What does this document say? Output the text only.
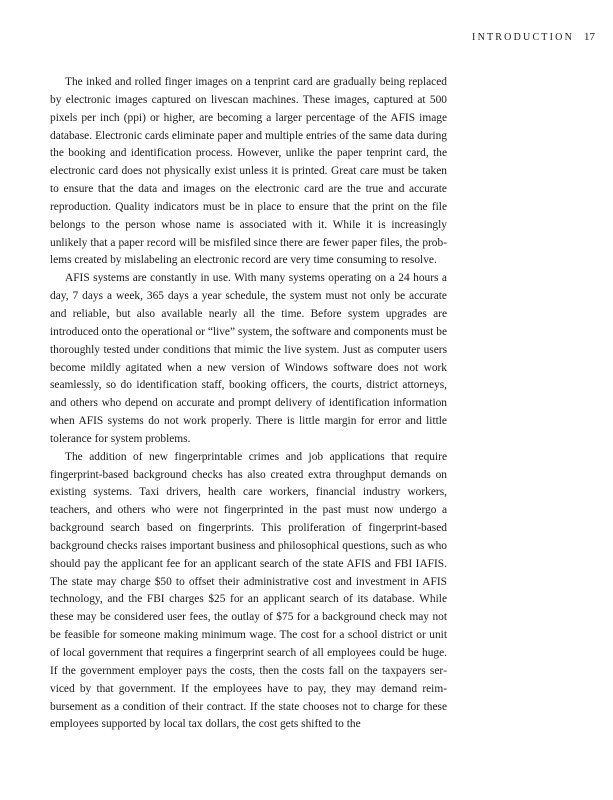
INTRODUCTION 17

The inked and rolled finger images on a tenprint card are gradually being replaced by electronic images captured on livescan machines. These images, captured at 500 pixels per inch (ppi) or higher, are becoming a larger percentage of the AFIS image database. Electronic cards eliminate paper and multiple entries of the same data during the booking and identification process. However, unlike the paper tenprint card, the electronic card does not physically exist unless it is printed. Great care must be taken to ensure that the data and images on the electronic card are the true and accurate reproduction. Quality indicators must be in place to ensure that the print on the file belongs to the person whose name is associated with it. While it is increasingly unlikely that a paper record will be misfiled since there are fewer paper files, the problems created by mislabeling an electronic record are very time consuming to resolve.

AFIS systems are constantly in use. With many systems operating on a 24 hours a day, 7 days a week, 365 days a year schedule, the system must not only be accurate and reliable, but also available nearly all the time. Before system upgrades are introduced onto the operational or “live” system, the software and components must be thoroughly tested under conditions that mimic the live system. Just as computer users become mildly agitated when a new version of Windows software does not work seamlessly, so do identification staff, booking officers, the courts, district attorneys, and others who depend on accurate and prompt delivery of identification information when AFIS systems do not work properly. There is little margin for error and little tolerance for system problems.

The addition of new fingerprintable crimes and job applications that require fingerprint-based background checks has also created extra throughput demands on existing systems. Taxi drivers, health care workers, financial industry workers, teachers, and others who were not fingerprinted in the past must now undergo a background search based on fingerprints. This proliferation of fingerprint-based background checks raises important business and philosophical questions, such as who should pay the applicant fee for an applicant search of the state AFIS and FBI IAFIS. The state may charge $50 to offset their administrative cost and investment in AFIS technology, and the FBI charges $25 for an applicant search of its database. While these may be considered user fees, the outlay of $75 for a background check may not be feasible for someone making minimum wage. The cost for a school district or unit of local government that requires a fingerprint search of all employees could be huge. If the government employer pays the costs, then the costs fall on the taxpayers serviced by that government. If the employees have to pay, they may demand reimbursement as a condition of their contract. If the state chooses not to charge for these employees supported by local tax dollars, the cost gets shifted to the
